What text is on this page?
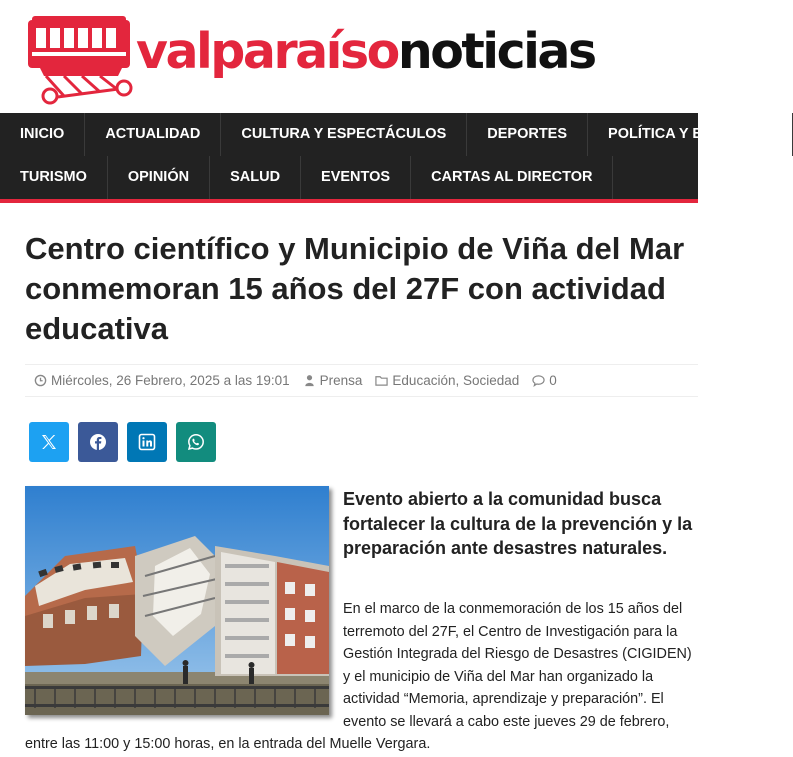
valparaísonoticias
INICIO	ACTUALIDAD	CULTURA Y ESPECTÁCULOS	DEPORTES	POLÍTICA Y ECONOMÍA
TURISMO	OPINIÓN	SALUD	EVENTOS	CARTAS AL DIRECTOR
Centro científico y Municipio de Viña del Mar conmemoran 15 años del 27F con actividad educativa
Miércoles, 26 Febrero, 2025 a las 19:01 Prensa Educación , Sociedad 0

Evento abierto a la comunidad busca fortalecer la cultura de la prevención y la preparación ante desastres naturales.

En el marco de la conmemoración de los 15 años del terremoto del 27F, el Centro de Investigación para la Gestión Integrada del Riesgo de Desastres (CIGIDEN) y el municipio de Viña del Mar han organizado la actividad “Memoria, aprendizaje y preparación”. El evento se llevará a cabo este jueves 29 de febrero,

entre las 11:00 y 15:00 horas, en la entrada del Muelle Vergara.
